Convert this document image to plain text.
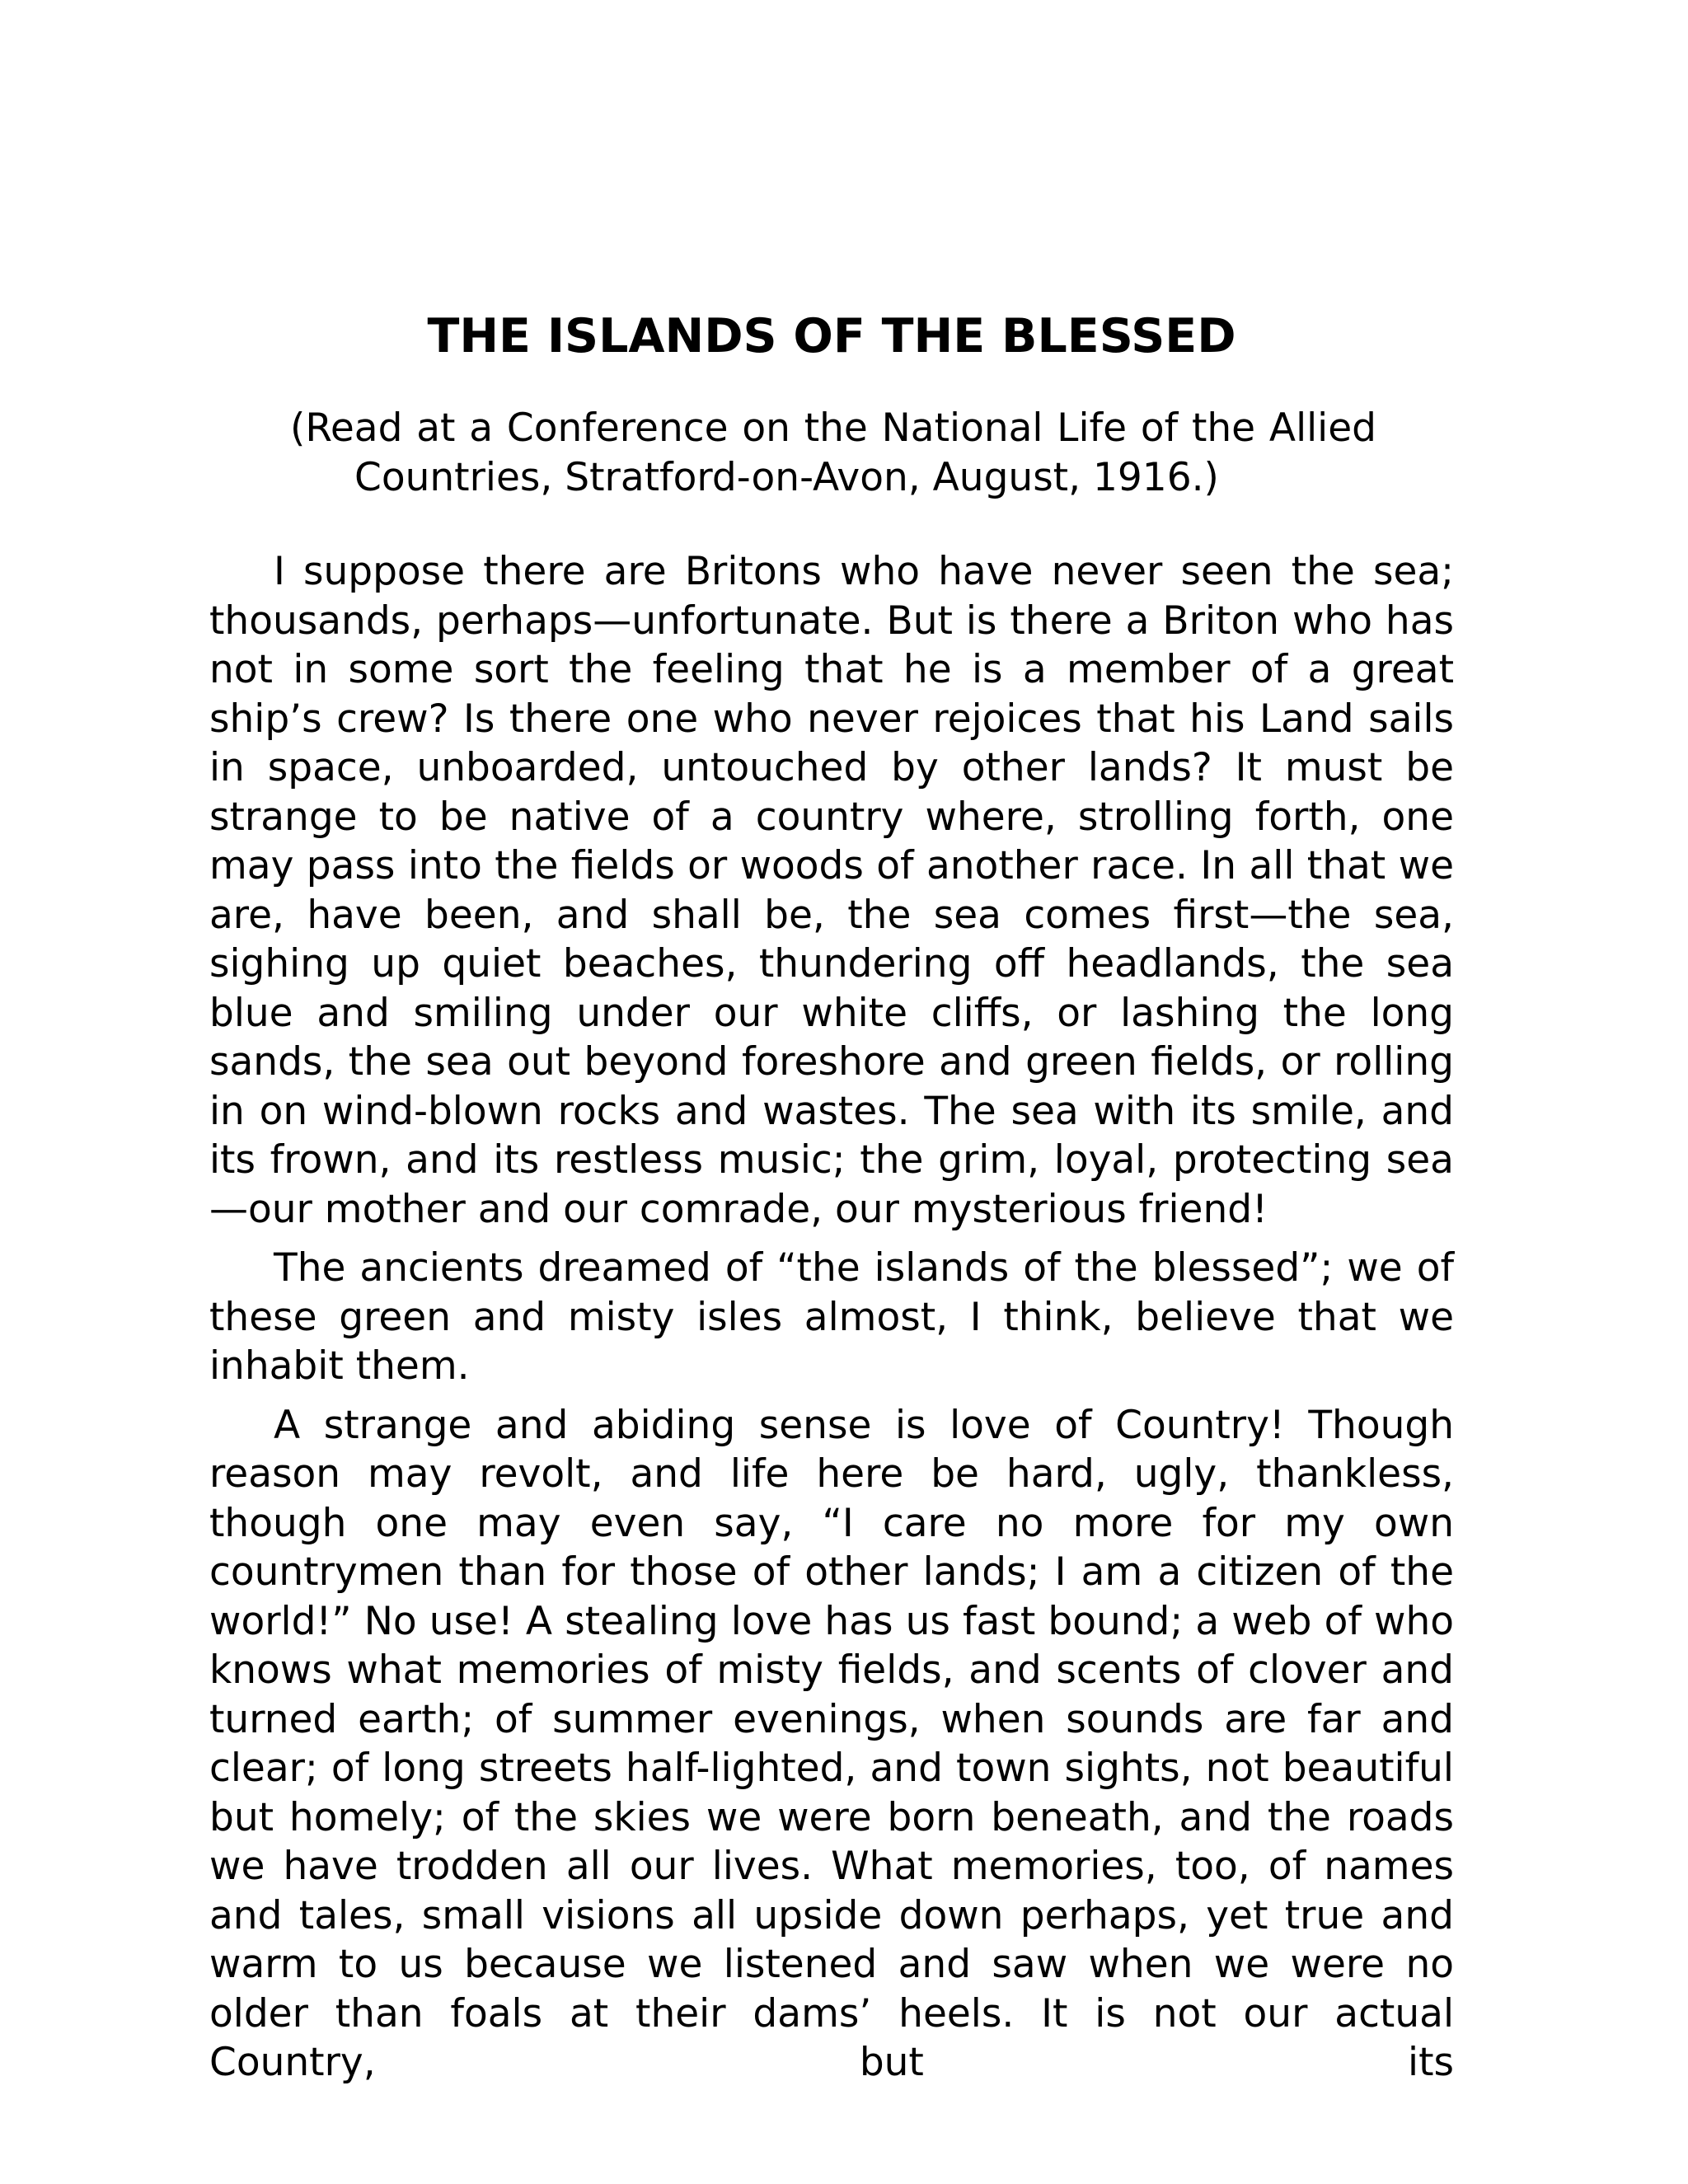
THE ISLANDS OF THE BLESSED
(Read at a Conference on the National Life of the Allied
Countries, Stratford-on-Avon, August, 1916.)

I suppose there are Britons who have never seen the sea; thousands, perhaps—unfortunate. But is there a Briton who has not in some sort the feeling that he is a member of a great ship’s crew? Is there one who never rejoices that his Land sails in space, unboarded, untouched by other lands? It must be strange to be native of a country where, strolling forth, one may pass into the fields or woods of another race. In all that we are, have been, and shall be, the sea comes first—the sea, sighing up quiet beaches, thundering off headlands, the sea blue and smiling under our white cliffs, or lashing the long sands, the sea out beyond foreshore and green fields, or rolling in on wind-blown rocks and wastes. The sea with its smile, and its frown, and its restless music; the grim, loyal, protecting sea—our mother and our comrade, our mysterious friend!

The ancients dreamed of “the islands of the blessed”; we of these green and misty isles almost, I think, believe that we inhabit them.

A strange and abiding sense is love of Country! Though reason may revolt, and life here be hard, ugly, thankless, though one may even say, “I care no more for my own countrymen than for those of other lands; I am a citizen of the world!” No use! A stealing love has us fast bound; a web of who knows what memories of misty fields, and scents of clover and turned earth; of summer evenings, when sounds are far and clear; of long streets half-lighted, and town sights, not beautiful but homely; of the skies we were born beneath, and the roads we have trodden all our lives. What memories, too, of names and tales, small visions all upside down perhaps, yet true and warm to us because we listened and saw when we were no older than foals at their dams’ heels. It is not our actual Country, but its
